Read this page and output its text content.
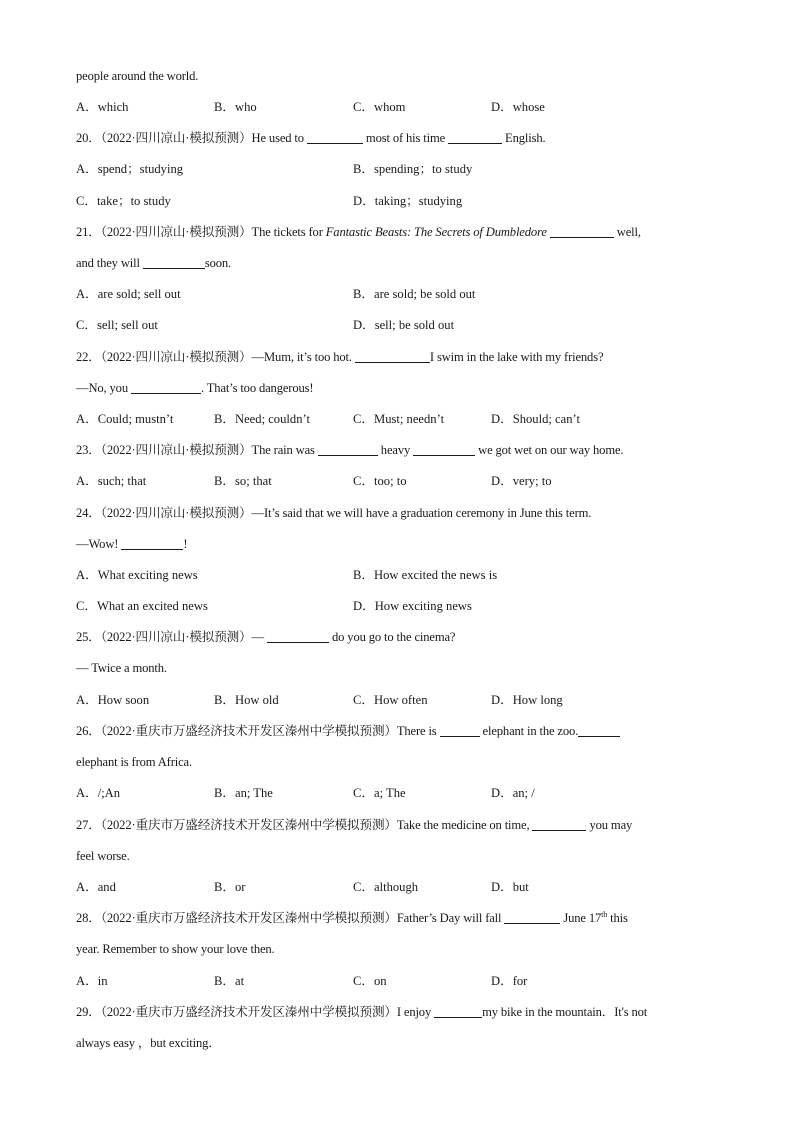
people around the world.
A．which	B．who	C．whom	D．whose
20．（2022·四川凉山·模拟预测）He used to	most of his time	English.
A．spend；studying	B．spending；to study
C．take；to study	D．taking；studying
21．（2022·四川凉山·模拟预测）The tickets for Fantastic Beasts: The Secrets of Dumbledore	well,
and they will	soon.
A．are sold; sell out	B．are sold; be sold out
C．sell; sell out	D．sell; be sold out
22．（2022·四川凉山·模拟预测）—Mum, it’s too hot.	I swim in the lake with my friends?
—No, you	. That’s too dangerous!
A．Could; mustn’t	B．Need; couldn’t	C．Must; needn’t	D．Should; can’t
23．（2022·四川凉山·模拟预测）The rain was	heavy	we got wet on our way home.
A．such; that	B．so; that	C．too; to	D．very; to
24．（2022·四川凉山·模拟预测）—It’s said that we will have a graduation ceremony in June this term.
—Wow!	!
A．What exciting news	B．How excited the news is
C．What an excited news	D．How exciting news
25．（2022·四川凉山·模拟预测）—	do you go to the cinema?
— Twice a month.
A．How soon	B．How old	C．How often	D．How long
26．（2022·重庆市万盛经济技术开发区溱州中学模拟预测）There is	elephant in the zoo.
elephant is from Africa.
A．/;An	B．an; The	C．a; The	D．an; /
27．（2022·重庆市万盛经济技术开发区溱州中学模拟预测）Take the medicine on time,	you may
feel worse.
A．and	B．or	C．although	D．but
28．（2022·重庆市万盛经济技术开发区溱州中学模拟预测）Father’s Day will fall	June 17th this
year. Remember to show your love then.
A．in	B．at	C．on	D．for
29．（2022·重庆市万盛经济技术开发区溱州中学模拟预测）I enjoy	my bike in the mountain．It's not
always easy ，but exciting．
